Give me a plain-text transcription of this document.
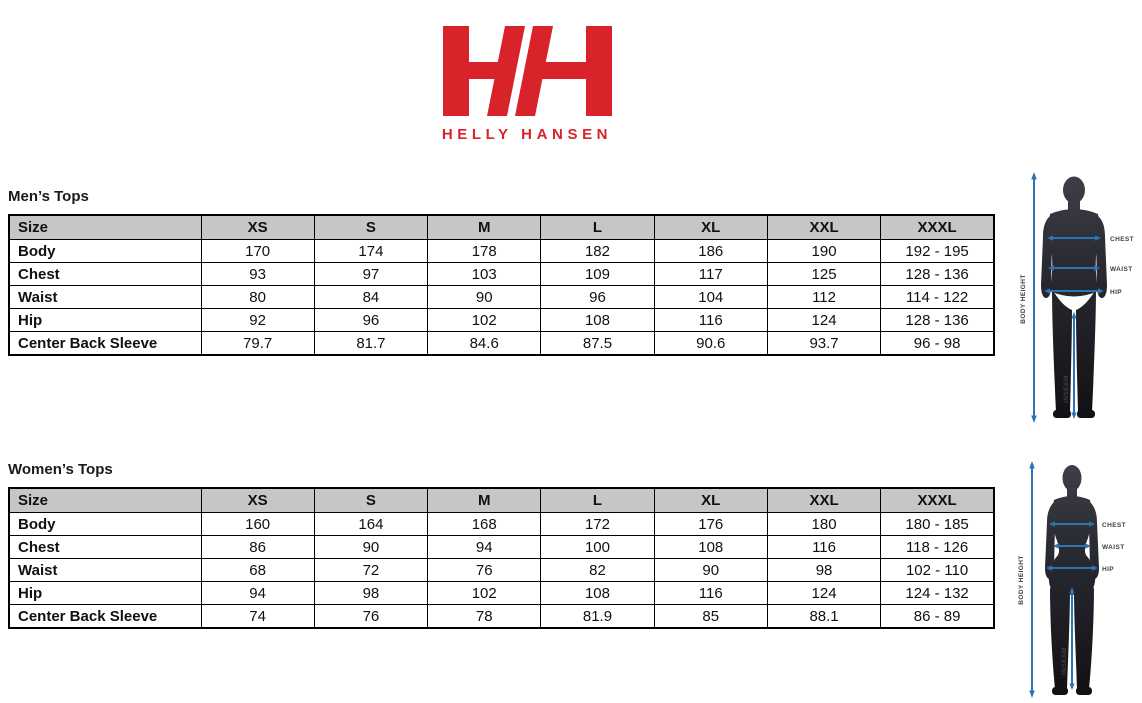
HELLY HANSEN
Men’s Tops
Size	XS	S	M	L	XL	XXL	XXXL
Body	170	174	178	182	186	190	192 - 195
Chest	93	97	103	109	117	125	128 - 136
Waist	80	84	90	96	104	112	114 - 122
Hip	92	96	102	108	116	124	128 - 136
Center Back Sleeve	79.7	81.7	84.6	87.5	90.6	93.7	96 - 98
CHEST
WAIST
HIP
BODY HEIGHT
INSEAM
Women’s Tops
Size	XS	S	M	L	XL	XXL	XXXL
Body	160	164	168	172	176	180	180 - 185
Chest	86	90	94	100	108	116	118 - 126
Waist	68	72	76	82	90	98	102 - 110
Hip	94	98	102	108	116	124	124 - 132
Center Back Sleeve	74	76	78	81.9	85	88.1	86 - 89
CHEST
WAIST
HIP
BODY HEIGHT
INSEAM
